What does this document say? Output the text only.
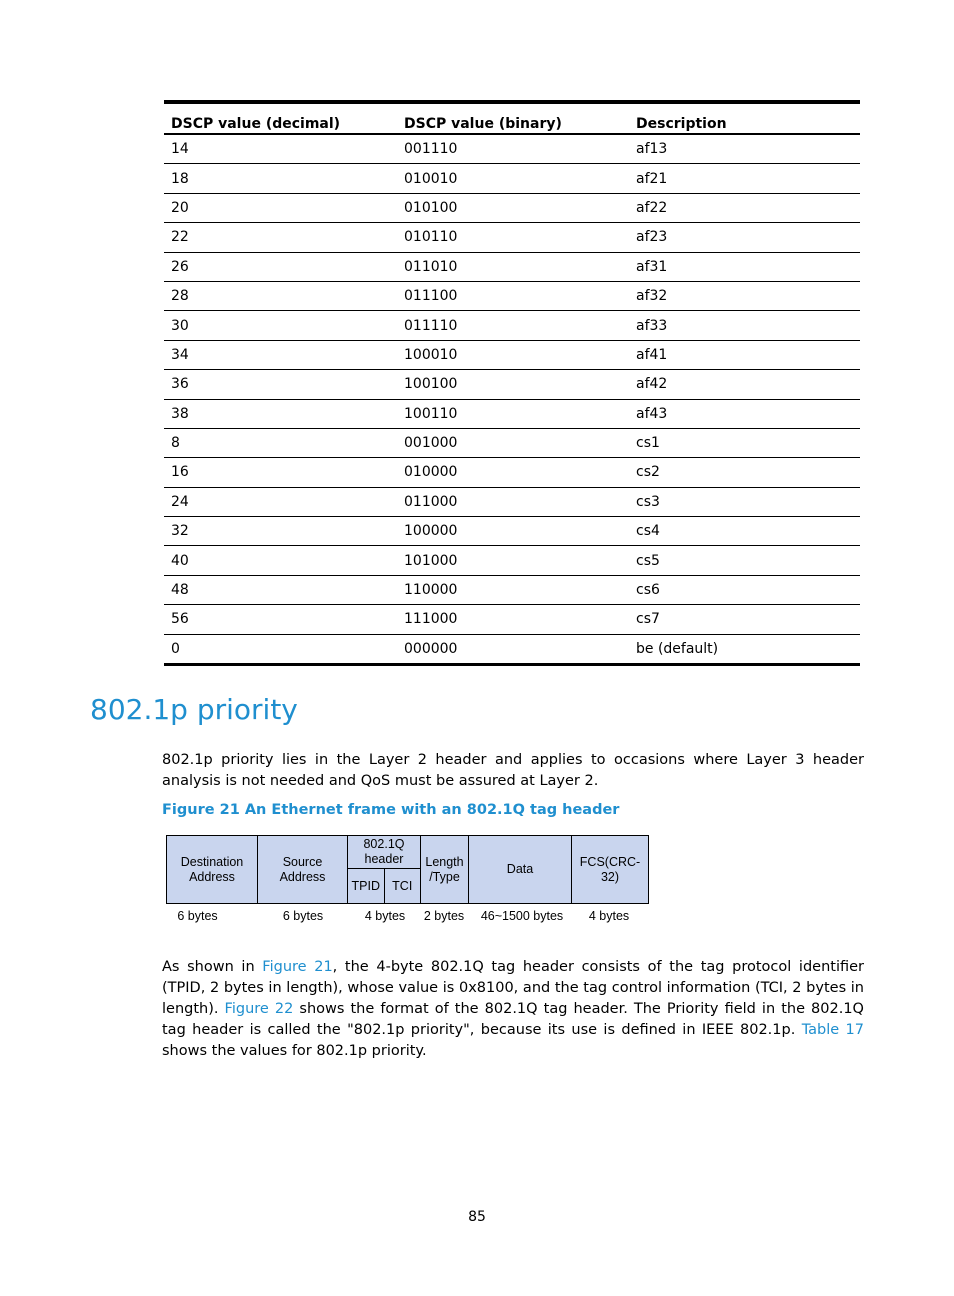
DSCP value (decimal)	DSCP value (binary)	Description
14	001110	af13
18	010010	af21
20	010100	af22
22	010110	af23
26	011010	af31
28	011100	af32
30	011110	af33
34	100010	af41
36	100100	af42
38	100110	af43
8	001000	cs1
16	010000	cs2
24	011000	cs3
32	100000	cs4
40	101000	cs5
48	110000	cs6
56	111000	cs7
0	000000	be (default)
802.1p priority

802.1p priority lies in the Layer 2 header and applies to occasions where Layer 3 header analysis is not needed and QoS must be assured at Layer 2.

Figure 21 An Ethernet frame with an 802.1Q tag header

Destination
Address
Source
Address
802.1Q
header
TPID TCI
Length
/Type
Data
FCS(CRC-
32)
6 bytes	6 bytes	4 bytes	2 bytes	46~1500 bytes	4 bytes

As shown in Figure 21, the 4-byte 802.1Q tag header consists of the tag protocol identifier (TPID, 2 bytes in length), whose value is 0x8100, and the tag control information (TCI, 2 bytes in length). Figure 22 shows the format of the 802.1Q tag header. The Priority field in the 802.1Q tag header is called the "802.1p priority", because its use is defined in IEEE 802.1p. Table 17 shows the values for 802.1p priority.

85
